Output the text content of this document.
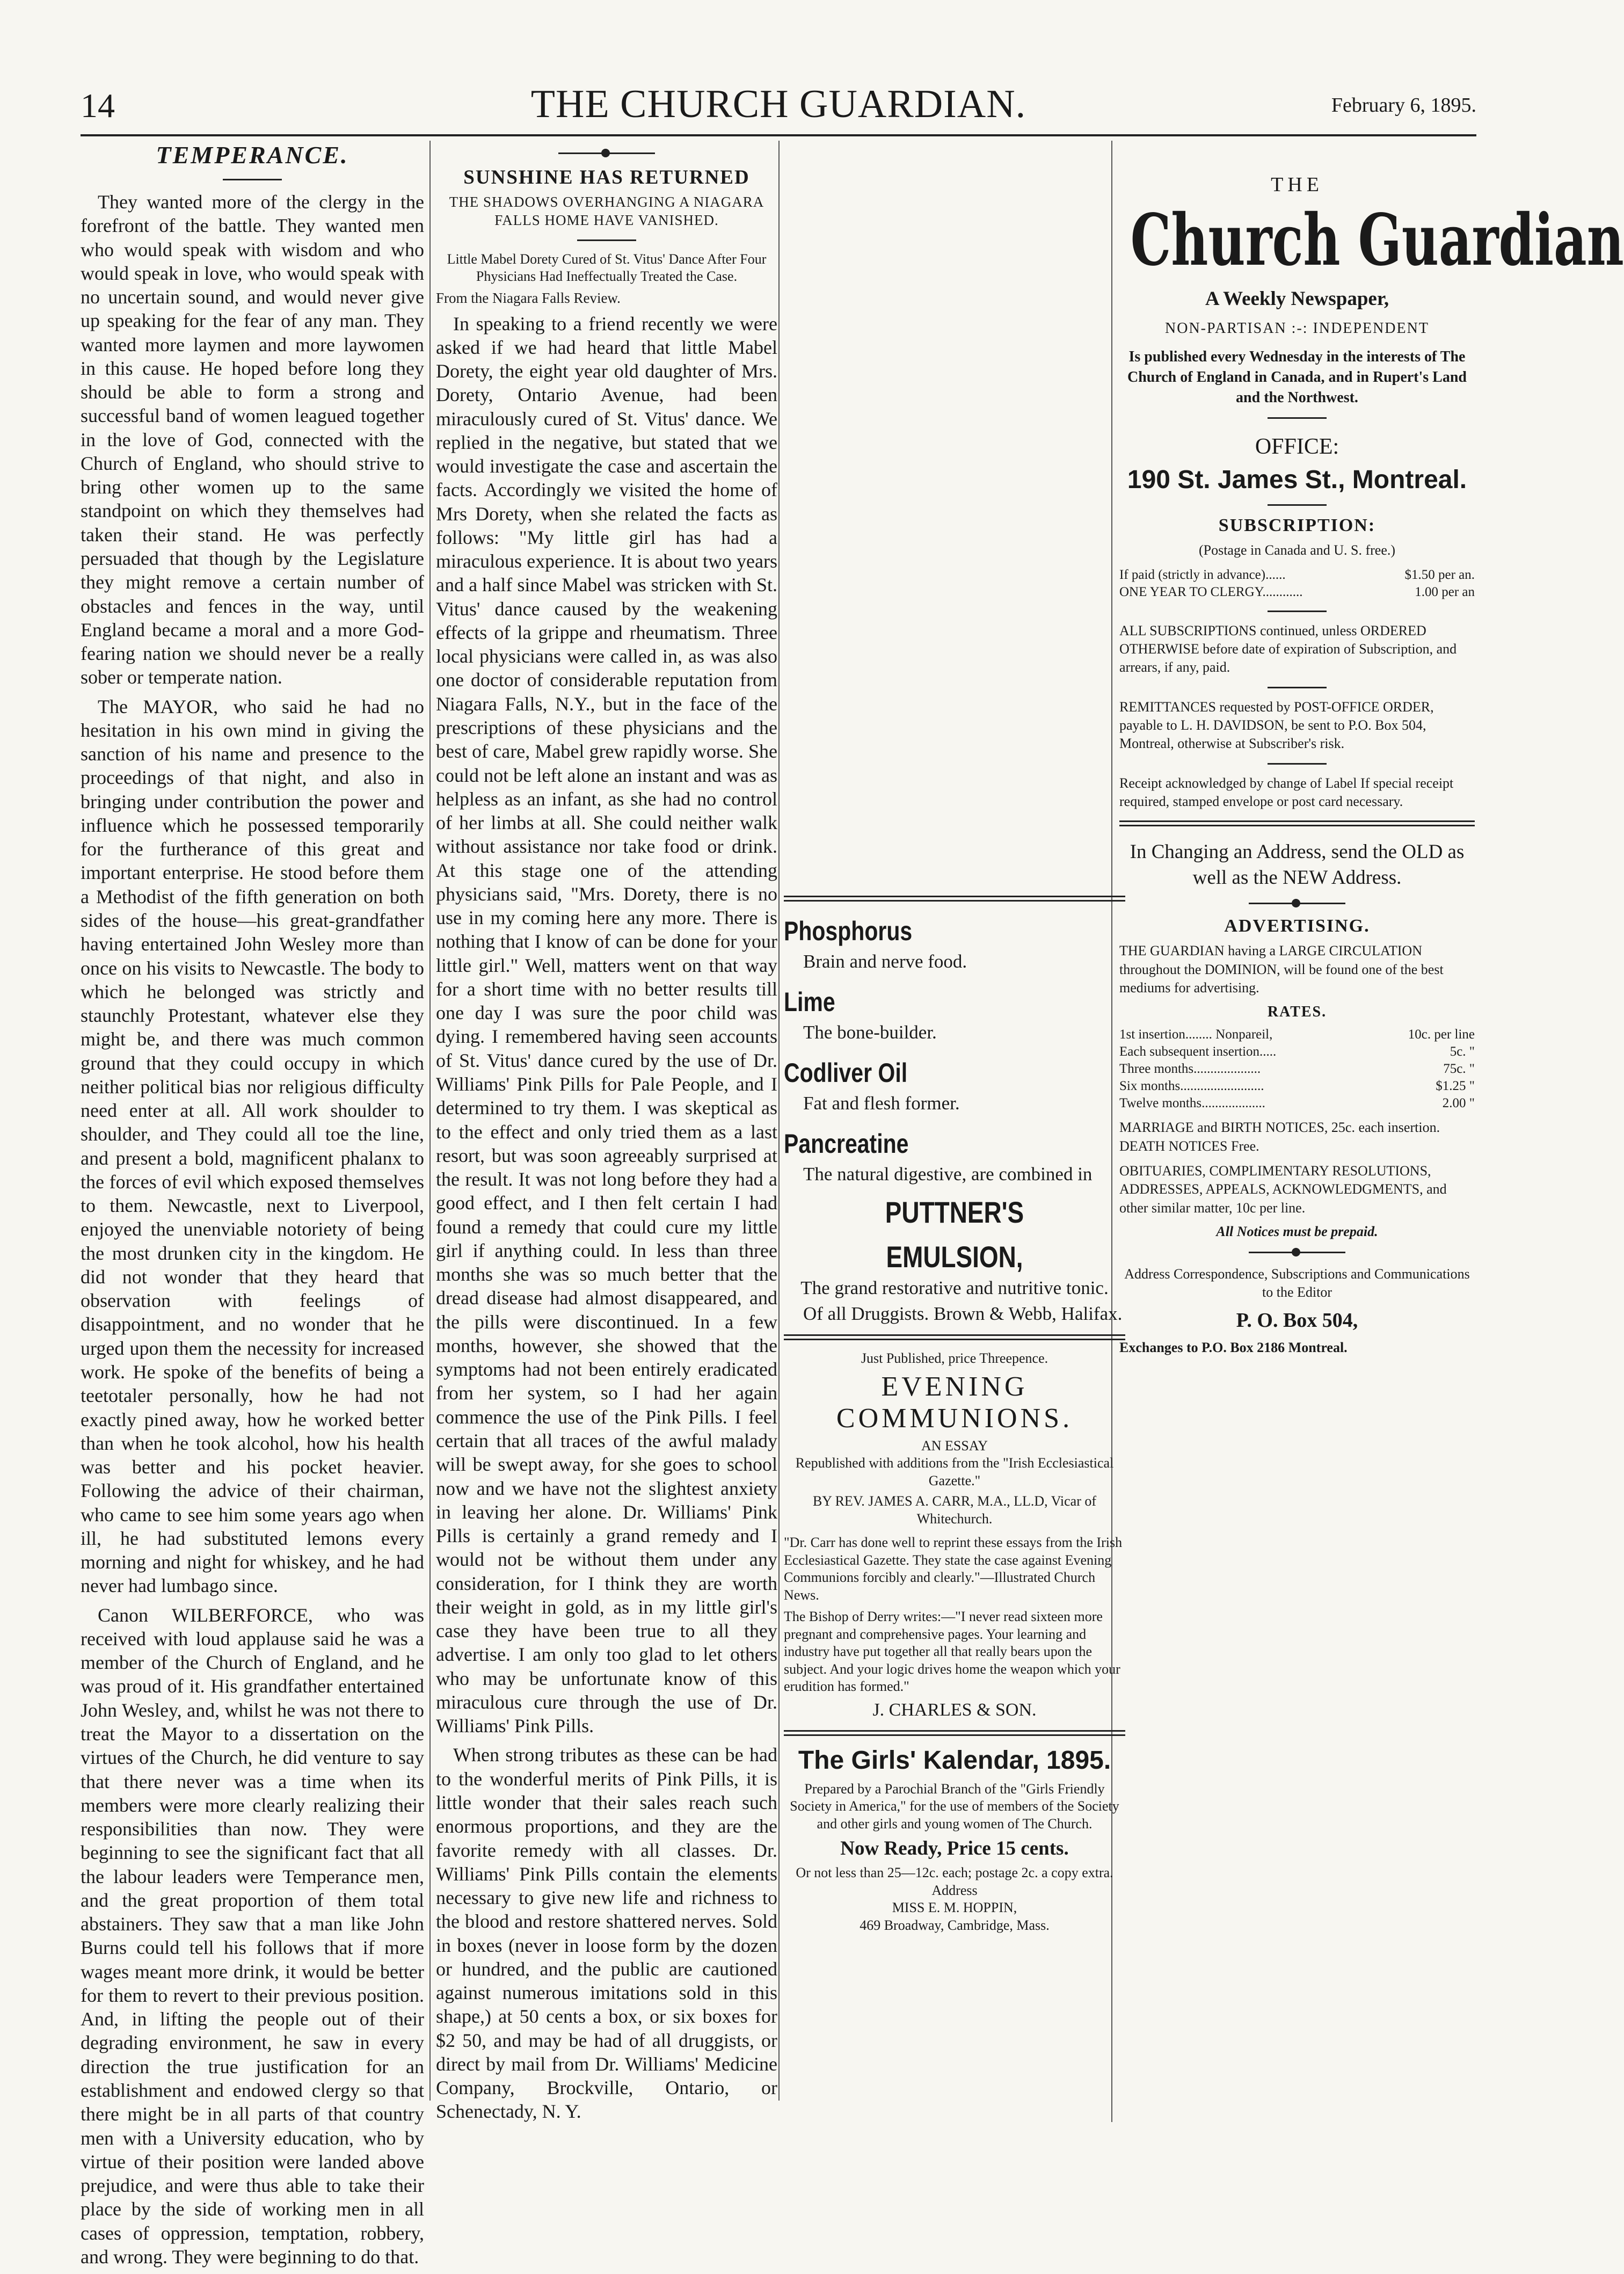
14	THE CHURCH GUARDIAN.	February 6, 1895.
TEMPERANCE.

They wanted more of the clergy in the forefront of the battle. They wanted men who would speak with wisdom and who would speak in love, who would speak with no uncertain sound, and would never give up speaking for the fear of any man. They wanted more laymen and more laywomen in this cause. He hoped before long they should be able to form a strong and successful band of women leagued together in the love of God, connected with the Church of England, who should strive to bring other women up to the same standpoint on which they themselves had taken their stand. He was perfectly persuaded that though by the Legislature they might remove a certain number of obstacles and fences in the way, until England became a moral and a more God-fearing nation we should never be a really sober or temperate nation.

The MAYOR, who said he had no hesitation in his own mind in giving the sanction of his name and presence to the proceedings of that night, and also in bringing under contribution the power and influence which he possessed temporarily for the furtherance of this great and important enterprise. He stood before them a Methodist of the fifth generation on both sides of the house—his great-grandfather having entertained John Wesley more than once on his visits to Newcastle. The body to which he belonged was strictly and staunchly Protestant, whatever else they might be, and there was much common ground that they could occupy in which neither political bias nor religious difficulty need enter at all. All work shoulder to shoulder, and They could all toe the line, and present a bold, magnificent phalanx to the forces of evil which exposed themselves to them. Newcastle, next to Liverpool, enjoyed the unenviable notoriety of being the most drunken city in the kingdom. He did not wonder that they heard that observation with feelings of disappointment, and no wonder that he urged upon them the necessity for increased work. He spoke of the benefits of being a teetotaler personally, how he had not exactly pined away, how he worked better than when he took alcohol, how his health was better and his pocket heavier. Following the advice of their chairman, who came to see him some years ago when ill, he had substituted lemons every morning and night for whiskey, and he had never had lumbago since.

Canon WILBERFORCE, who was received with loud applause said he was a member of the Church of England, and he was proud of it. His grandfather entertained John Wesley, and, whilst he was not there to treat the Mayor to a dissertation on the virtues of the Church, he did venture to say that there never was a time when its members were more clearly realizing their responsibilities than now. They were beginning to see the significant fact that all the labour leaders were Temperance men, and the great proportion of them total abstainers. They saw that a man like John Burns could tell his follows that if more wages meant more drink, it would be better for them to revert to their previous position. And, in lifting the people out of their degrading environment, he saw in every direction the true justification for an establishment and endowed clergy so that there might be in all parts of that country men with a University education, who by virtue of their position were landed above prejudice, and were thus able to take their place by the side of working men in all cases of oppression, temptation, robbery, and wrong. They were beginning to do that.

SUNSHINE HAS RETURNED
THE SHADOWS OVERHANGING A NIAGARA FALLS HOME HAVE VANISHED.
Little Mabel Dorety Cured of St. Vitus' Dance After Four Physicians Had Ineffectually Treated the Case.
From the Niagara Falls Review.

In speaking to a friend recently we were asked if we had heard that little Mabel Dorety, the eight year old daughter of Mrs. Dorety, Ontario Avenue, had been miraculously cured of St. Vitus' dance. We replied in the negative, but stated that we would investigate the case and ascertain the facts. Accordingly we visited the home of Mrs Dorety, when she related the facts as follows: "My little girl has had a miraculous experience. It is about two years and a half since Mabel was stricken with St. Vitus' dance caused by the weakening effects of la grippe and rheumatism. Three local physicians were called in, as was also one doctor of considerable reputation from Niagara Falls, N.Y., but in the face of the prescriptions of these physicians and the best of care, Mabel grew rapidly worse. She could not be left alone an instant and was as helpless as an infant, as she had no control of her limbs at all. She could neither walk without assistance nor take food or drink. At this stage one of the attending physicians said, "Mrs. Dorety, there is no use in my coming here any more. There is nothing that I know of can be done for your little girl." Well, matters went on that way for a short time with no better results till one day I was sure the poor child was dying. I remembered having seen accounts of St. Vitus' dance cured by the use of Dr. Williams' Pink Pills for Pale People, and I determined to try them. I was skeptical as to the effect and only tried them as a last resort, but was soon agreeably surprised at the result. It was not long before they had a good effect, and I then felt certain I had found a remedy that could cure my little girl if anything could. In less than three months she was so much better that the dread disease had almost disappeared, and the pills were discontinued. In a few months, however, she showed that the symptoms had not been entirely eradicated from her system, so I had her again commence the use of the Pink Pills. I feel certain that all traces of the awful malady will be swept away, for she goes to school now and we have not the slightest anxiety in leaving her alone. Dr. Williams' Pink Pills is certainly a grand remedy and I would not be without them under any consideration, for I think they are worth their weight in gold, as in my little girl's case they have been true to all they advertise. I am only too glad to let others who may be unfortunate know of this miraculous cure through the use of Dr. Williams' Pink Pills.

When strong tributes as these can be had to the wonderful merits of Pink Pills, it is little wonder that their sales reach such enormous proportions, and they are the favorite remedy with all classes. Dr. Williams' Pink Pills contain the elements necessary to give new life and richness to the blood and restore shattered nerves. Sold in boxes (never in loose form by the dozen or hundred, and the public are cautioned against numerous imitations sold in this shape,) at 50 cents a box, or six boxes for $2 50, and may be had of all druggists, or direct by mail from Dr. Williams' Medicine Company, Brockville, Ontario, or Schenectady, N. Y.

Phosphorus
Brain and nerve food.
Lime
The bone-builder.
Codliver Oil
Fat and flesh former.
Pancreatine
The natural digestive, are combined in
PUTTNER'S
EMULSION,
The grand restorative and nutritive tonic.
Of all Druggists. Brown & Webb, Halifax.
Just Published, price Threepence.
EVENING COMMUNIONS.
AN ESSAY
Republished with additions from the "Irish Ecclesiastical Gazette."
BY REV. JAMES A. CARR, M.A., LL.D, Vicar of Whitechurch.
"Dr. Carr has done well to reprint these essays from the Irish Ecclesiastical Gazette. They state the case against Evening Communions forcibly and clearly."—Illustrated Church News.
The Bishop of Derry writes:—"I never read sixteen more pregnant and comprehensive pages. Your learning and industry have put together all that really bears upon the subject. And your logic drives home the weapon which your erudition has formed."
J. CHARLES & SON.
The Girls' Kalendar, 1895.
Prepared by a Parochial Branch of the "Girls Friendly Society in America," for the use of members of the Society and other girls and young women of The Church.
Now Ready, Price 15 cents.
Or not less than 25—12c. each; postage 2c. a copy extra. Address
MISS E. M. HOPPIN,
469 Broadway, Cambridge, Mass.
THE
Church Guardian
A Weekly Newspaper,
NON-PARTISAN :-: INDEPENDENT
Is published every Wednesday in the interests of The Church of England in Canada, and in Rupert's Land and the Northwest.
OFFICE:
190 St. James St., Montreal.
SUBSCRIPTION:
(Postage in Canada and U. S. free.)
If paid (strictly in advance)......	$1.50 per an.
ONE YEAR TO CLERGY............	1.00 per an
ALL SUBSCRIPTIONS continued, unless ORDERED OTHERWISE before date of expiration of Subscription, and arrears, if any, paid.
REMITTANCES requested by POST-OFFICE ORDER, payable to L. H. DAVIDSON, be sent to P.O. Box 504, Montreal, otherwise at Subscriber's risk.
Receipt acknowledged by change of Label If special receipt required, stamped envelope or post card necessary.
In Changing an Address, send the OLD as well as the NEW Address.
ADVERTISING.
THE GUARDIAN having a LARGE CIRCULATION throughout the DOMINION, will be found one of the best mediums for advertising.
RATES.
1st insertion........ Nonpareil,	10c. per line
Each subsequent insertion.....	5c. "
Three months....................	75c. "
Six months.........................	$1.25 "
Twelve months...................	2.00 "
MARRIAGE and BIRTH NOTICES, 25c. each insertion. DEATH NOTICES Free.
OBITUARIES, COMPLIMENTARY RESOLUTIONS, ADDRESSES, APPEALS, ACKNOWLEDGMENTS, and other similar matter, 10c per line.
All Notices must be prepaid.
Address Correspondence, Subscriptions and Communications to the Editor
P. O. Box 504,
Exchanges to P.O. Box 2186 Montreal.
